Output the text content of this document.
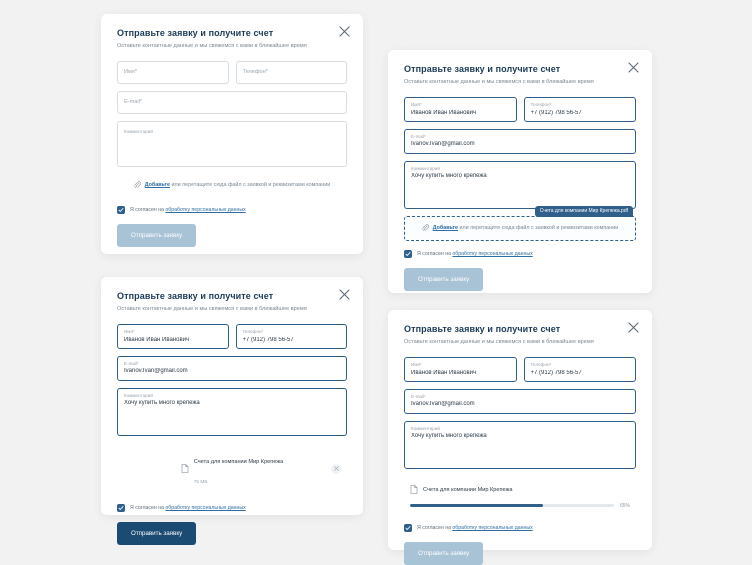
Отправьте заявку и получите счет
Оставьте контактные данные и мы свяжемся с вами в ближайшее время
Имя*	Телефон*
E-mail*
Комментарий
Добавьте или перетащите сюда файл с заявкой и реквизитами компании
Я согласен на обработку персональных данных
Отправить заявку
Отправьте заявку и получите счет
Оставьте контактные данные и мы свяжемся с вами в ближайшее время
Имя*
Иванов Иван Иванович
Телефон*
+7 (912) 798 56-57
E-mail*
Ivanov.Ivan@gmail.com
Комментарий
Хочу купить много крепежа
Счета для компании Мир Крепежа.pdf
Добавьте или перетащите сюда файл с заявкой и реквизитами компании
Я согласен на обработку персональных данных
Отправить заявку
Отправьте заявку и получите счет
Оставьте контактные данные и мы свяжемся с вами в ближайшее время
Имя*
Иванов Иван Иванович
Телефон*
+7 (912) 798 56-57
E-mail*
Ivanov.Ivan@gmail.com
Комментарий
Хочу купить много крепежа
Счета для компании Мир Крепежа
75 МБ
Я согласен на обработку персональных данных
Отправить заявку
Отправьте заявку и получите счет
Оставьте контактные данные и мы свяжемся с вами в ближайшее время
Имя*
Иванов Иван Иванович
Телефон*
+7 (912) 798 56-57
E-mail*
Ivanov.Ivan@gmail.com
Комментарий
Хочу купить много крепежа
Счета для компании Мир Крепежа
65%
Я согласен на обработку персональных данных
Отправить заявку
